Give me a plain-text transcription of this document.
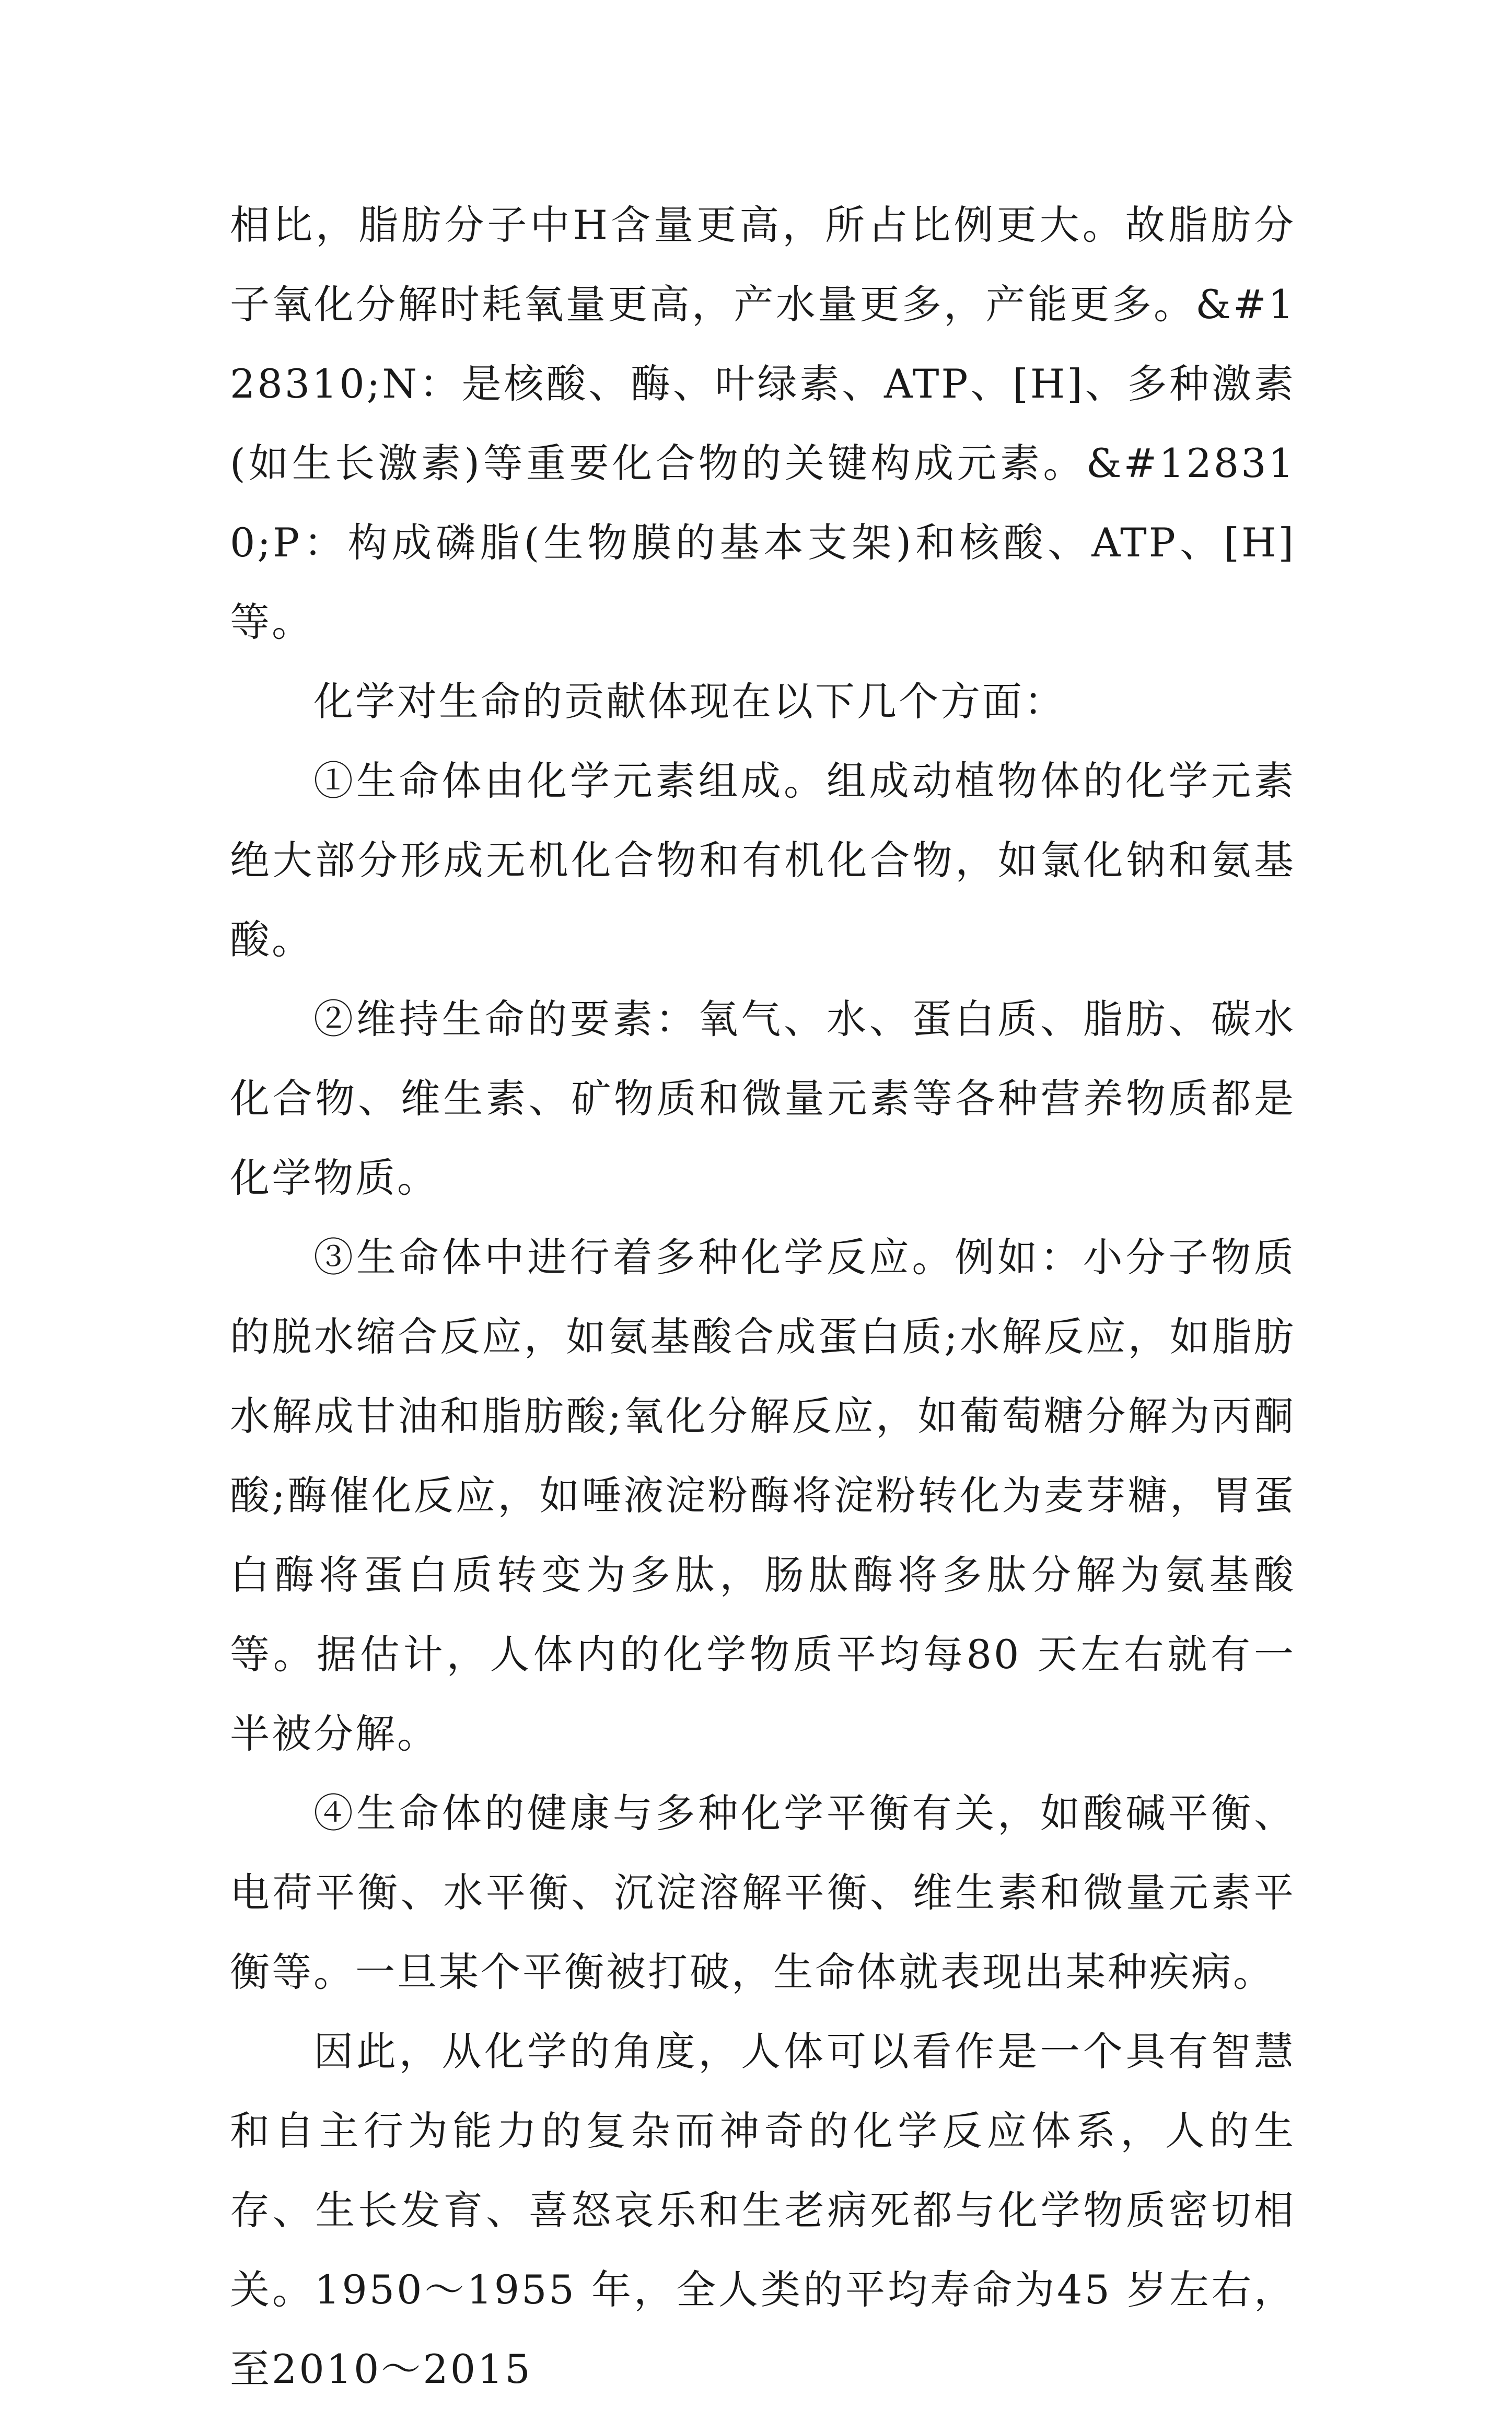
相比，脂肪分子中H含量更高，所占比例更大。故脂肪分子氧化分解时耗氧量更高，产水量更多，产能更多。&#128310;N：是核酸、酶、叶绿素、ATP、[H]、多种激素(如生长激素)等重要化合物的关键构成元素。&#128310;P：构成磷脂(生物膜的基本支架)和核酸、ATP、[H]等。

化学对生命的贡献体现在以下几个方面：

①生命体由化学元素组成。组成动植物体的化学元素绝大部分形成无机化合物和有机化合物，如氯化钠和氨基酸。

②维持生命的要素：氧气、水、蛋白质、脂肪、碳水化合物、维生素、矿物质和微量元素等各种营养物质都是化学物质。

③生命体中进行着多种化学反应。例如：小分子物质的脱水缩合反应，如氨基酸合成蛋白质;水解反应，如脂肪水解成甘油和脂肪酸;氧化分解反应，如葡萄糖分解为丙酮酸;酶催化反应，如唾液淀粉酶将淀粉转化为麦芽糖，胃蛋白酶将蛋白质转变为多肽，肠肽酶将多肽分解为氨基酸等。据估计，人体内的化学物质平均每80 天左右就有一半被分解。

④生命体的健康与多种化学平衡有关，如酸碱平衡、电荷平衡、水平衡、沉淀溶解平衡、维生素和微量元素平衡等。一旦某个平衡被打破，生命体就表现出某种疾病。

因此，从化学的角度，人体可以看作是一个具有智慧和自主行为能力的复杂而神奇的化学反应体系，人的生存、生长发育、喜怒哀乐和生老病死都与化学物质密切相关。1950～1955 年，全人类的平均寿命为45 岁左右，至2010～2015
